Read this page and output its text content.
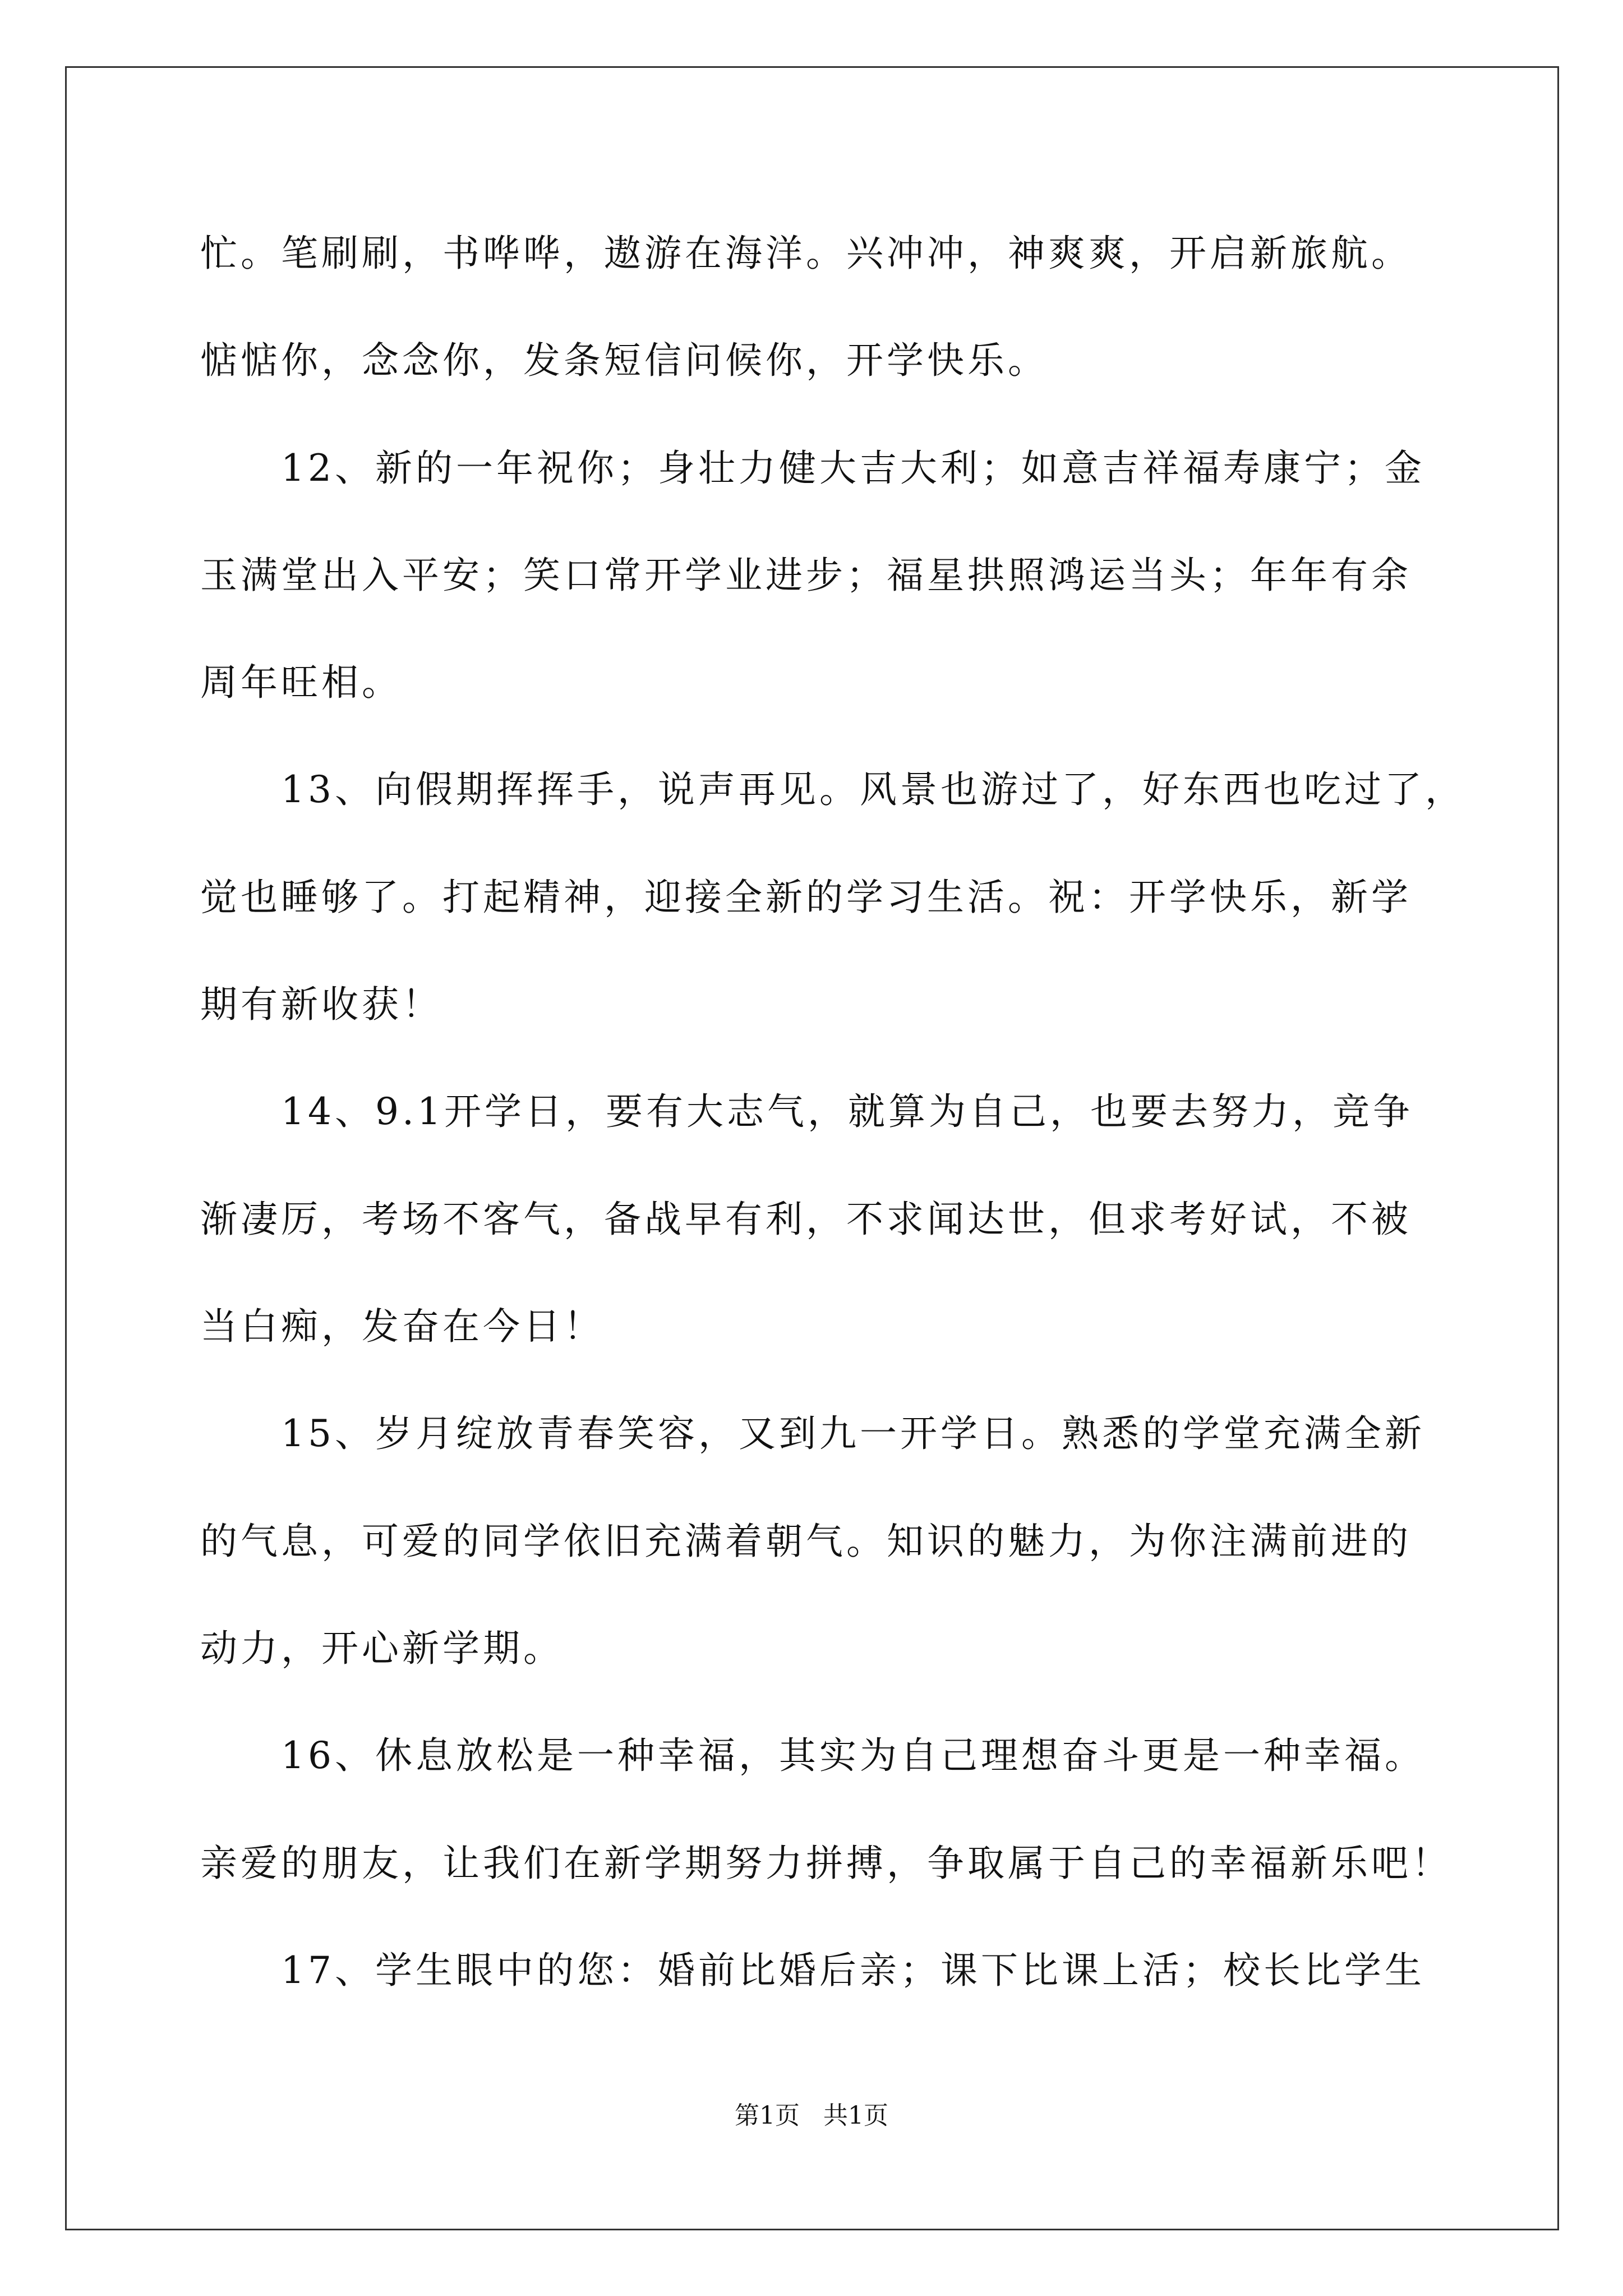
忙。笔刷刷，书哗哗，遨游在海洋。兴冲冲，神爽爽，开启新旅航。
惦惦你，念念你，发条短信问候你，开学快乐。
　　12、新的一年祝你；身壮力健大吉大利；如意吉祥福寿康宁；金
玉满堂出入平安；笑口常开学业进步；福星拱照鸿运当头；年年有余
周年旺相。
　　13、向假期挥挥手，说声再见。风景也游过了，好东西也吃过了，
觉也睡够了。打起精神，迎接全新的学习生活。祝：开学快乐，新学
期有新收获！
　　14、9.1开学日，要有大志气，就算为自己，也要去努力，竞争
渐凄厉，考场不客气，备战早有利，不求闻达世，但求考好试，不被
当白痴，发奋在今日！
　　15、岁月绽放青春笑容，又到九一开学日。熟悉的学堂充满全新
的气息，可爱的同学依旧充满着朝气。知识的魅力，为你注满前进的
动力，开心新学期。
　　16、休息放松是一种幸福，其实为自己理想奋斗更是一种幸福。
亲爱的朋友，让我们在新学期努力拼搏，争取属于自己的幸福新乐吧！
　　17、学生眼中的您：婚前比婚后亲；课下比课上活；校长比学生
第1页   共1页
